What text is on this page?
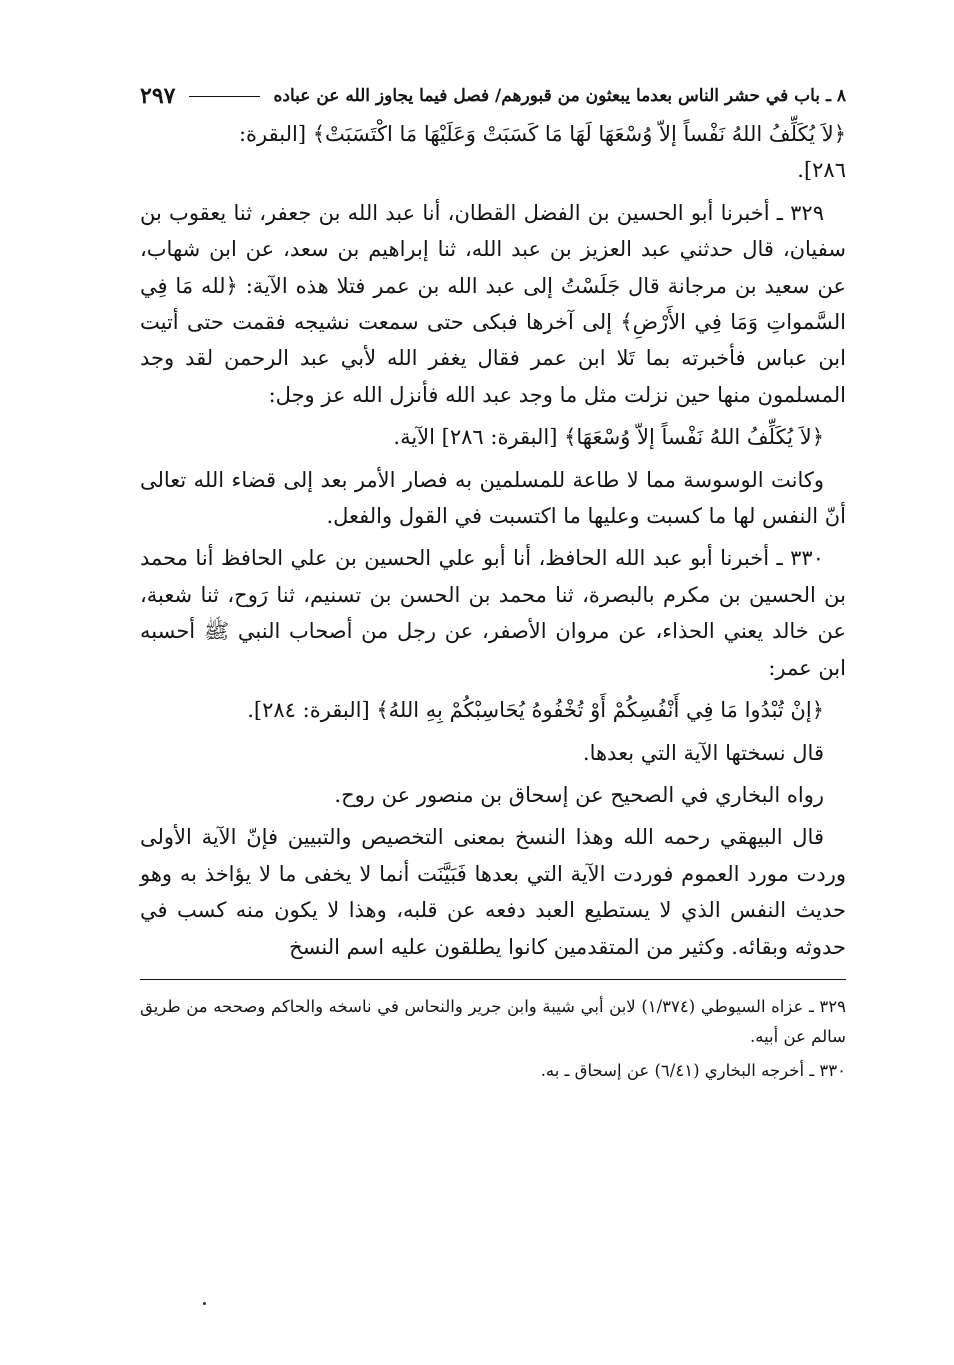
٨ ـ باب في حشر الناس بعدما يبعثون من قبورهم/ فصل فيما يجاوز الله عن عباده
٢٩٧

﴿لاَ يُكَلِّفُ اللهُ نَفْساً إلاّ وُسْعَهَا لَهَا مَا كَسَبَتْ وَعَلَيْهَا مَا اكْتَسَبَتْ﴾ [البقرة:

٢٨٦].

٣٢٩ ـ أخبرنا أبو الحسين بن الفضل القطان، أنا عبد الله بن جعفر، ثنا يعقوب بن سفيان، قال حدثني عبد العزيز بن عبد الله، ثنا إبراهيم بن سعد، عن ابن شهاب، عن سعيد بن مرجانة قال جَلَسْتُ إلى عبد الله بن عمر فتلا هذه الآية: ﴿لله مَا فِي السَّمواتِ وَمَا فِي الأَرْضِ﴾ إلى آخرها فبكى حتى سمعت نشيجه فقمت حتى أتيت ابن عباس فأخبرته بما تَلا ابن عمر فقال يغفر الله لأبي عبد الرحمن لقد وجد المسلمون منها حين نزلت مثل ما وجد عبد الله فأنزل الله عز وجل:

﴿لاَ يُكَلِّفُ اللهُ نَفْساً إلاّ وُسْعَهَا﴾ [البقرة: ٢٨٦] الآية.

وكانت الوسوسة مما لا طاعة للمسلمين به فصار الأمر بعد إلى قضاء الله تعالى أنّ النفس لها ما كسبت وعليها ما اكتسبت في القول والفعل.

٣٣٠ ـ أخبرنا أبو عبد الله الحافظ، أنا أبو علي الحسين بن علي الحافظ أنا محمد بن الحسين بن مكرم بالبصرة، ثنا محمد بن الحسن بن تسنيم، ثنا رَوح، ثنا شعبة، عن خالد يعني الحذاء، عن مروان الأصفر، عن رجل من أصحاب النبي ﷺ أحسبه ابن عمر:

﴿إنْ تُبْدُوا مَا فِي أَنْفُسِكُمْ أَوْ تُخْفُوهُ يُحَاسِبْكُمْ بِهِ اللهُ﴾ [البقرة: ٢٨٤].

قال نسختها الآية التي بعدها.

رواه البخاري في الصحيح عن إسحاق بن منصور عن روح.

قال البيهقي رحمه الله وهذا النسخ بمعنى التخصيص والتبيين فإنّ الآية الأولى وردت مورد العموم فوردت الآية التي بعدها فَبَيَّنَت أنما لا يخفى ما لا يؤاخذ به وهو حديث النفس الذي لا يستطيع العبد دفعه عن قلبه، وهذا لا يكون منه كسب في حدوثه وبقائه. وكثير من المتقدمين كانوا يطلقون عليه اسم النسخ

٣٢٩ ـ عزاه السيوطي (١/٣٧٤) لابن أبي شيبة وابن جرير والنحاس في ناسخه والحاكم وصححه من طريق سالم عن أبيه.

٣٣٠ ـ أخرجه البخاري (٦/٤١) عن إسحاق ـ به.
